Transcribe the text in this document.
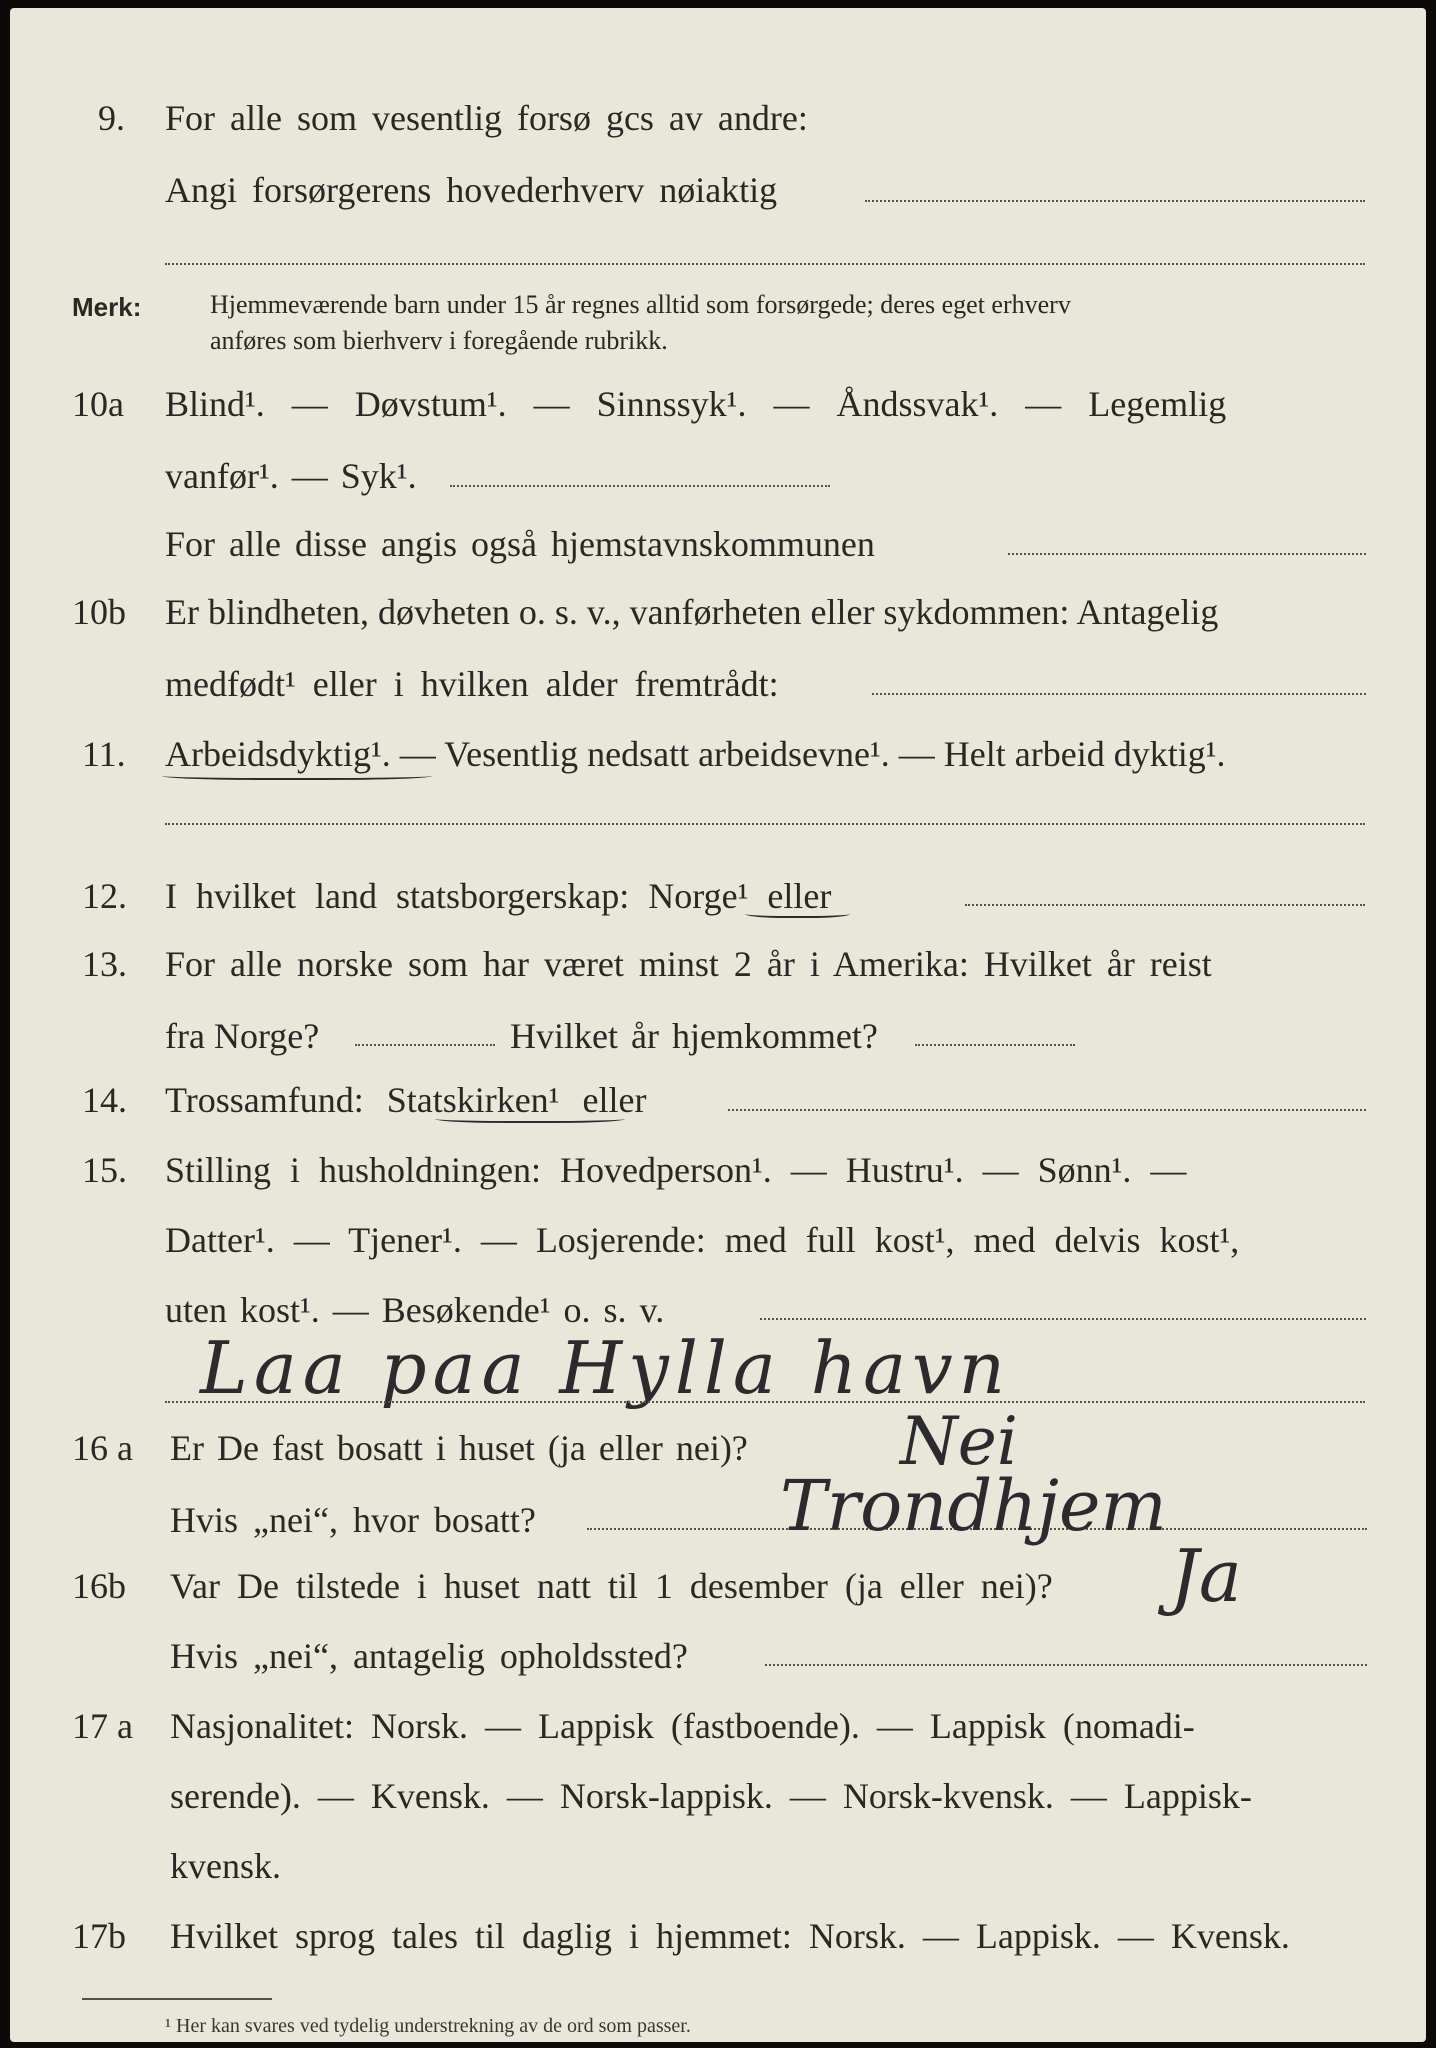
9. For alle som vesentlig forsø gcs av andre:
Angi forsørgerens hovederhverv nøiaktig
Merk:	Hjemmeværende barn under 15 år regnes alltid som forsørgede; deres eget erhverv
anføres som bierhverv i foregående rubrikk.
10a Blind¹. — Døvstum¹. — Sinnssyk¹. — Åndssvak¹. — Legemlig
vanfør¹. — Syk¹.
For alle disse angis også hjemstavnskommunen
10b Er blindheten, døvheten o. s. v., vanførheten eller sykdommen: Antagelig
medfødt¹ eller i hvilken alder fremtrådt:
11. Arbeidsdyktig¹. — Vesentlig nedsatt arbeidsevne¹. — Helt arbeid dyktig¹.
12. I hvilket land statsborgerskap: Norge¹ eller
13. For alle norske som har været minst 2 år i Amerika: Hvilket år reist
fra Norge?	Hvilket år hjemkommet?
14. Trossamfund: Statskirken¹ eller
15. Stilling i husholdningen: Hovedperson¹. — Hustru¹. — Sønn¹. —
Datter¹. — Tjener¹. — Losjerende: med full kost¹, med delvis kost¹,
uten kost¹. — Besøkende¹ o. s. v.
Laa paa Hylla havn
16 a Er De fast bosatt i huset (ja eller nei)? Nei
Hvis „nei“, hvor bosatt?	Trondhjem
16b Var De tilstede i huset natt til 1 desember (ja eller nei)? Ja
Hvis „nei“, antagelig opholdssted?
17 a Nasjonalitet: Norsk. — Lappisk (fastboende). — Lappisk (nomadi-
serende). — Kvensk. — Norsk-lappisk. — Norsk-kvensk. — Lappisk-
kvensk.
17b Hvilket sprog tales til daglig i hjemmet: Norsk. — Lappisk. — Kvensk.
¹ Her kan svares ved tydelig understrekning av de ord som passer.
